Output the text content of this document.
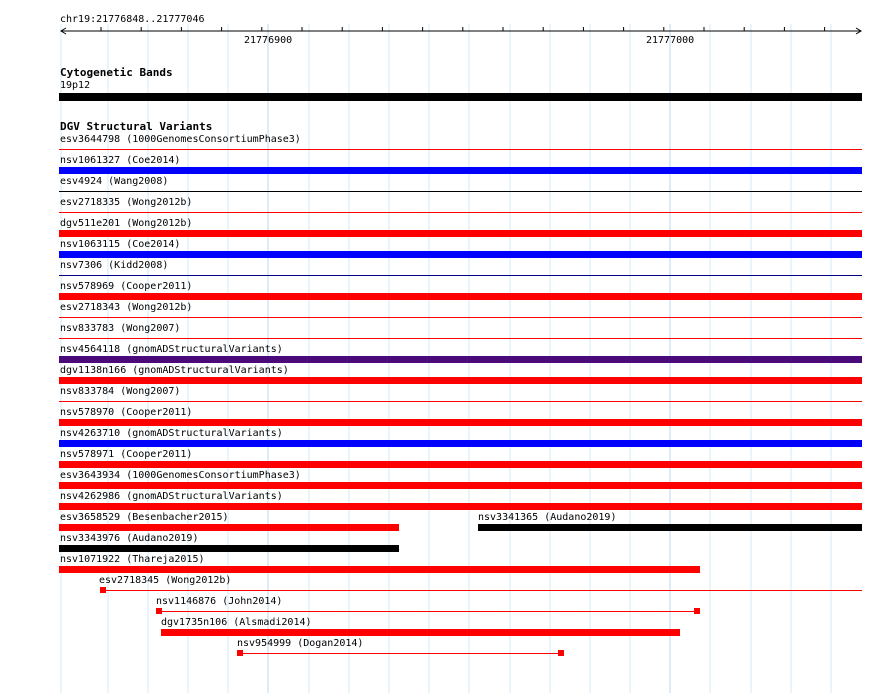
chr19:21776848..21777046
21776900	21777000
Cytogenetic Bands
19p12
DGV Structural Variants
esv3644798 (1000GenomesConsortiumPhase3)
nsv1061327 (Coe2014)
esv4924 (Wang2008)
esv2718335 (Wong2012b)
dgv511e201 (Wong2012b)
nsv1063115 (Coe2014)
nsv7306 (Kidd2008)
nsv578969 (Cooper2011)
esv2718343 (Wong2012b)
nsv833783 (Wong2007)
nsv4564118 (gnomADStructuralVariants)
dgv1138n166 (gnomADStructuralVariants)
nsv833784 (Wong2007)
nsv578970 (Cooper2011)
nsv4263710 (gnomADStructuralVariants)
nsv578971 (Cooper2011)
esv3643934 (1000GenomesConsortiumPhase3)
nsv4262986 (gnomADStructuralVariants)
esv3658529 (Besenbacher2015)	nsv3341365 (Audano2019)
nsv3343976 (Audano2019)
nsv1071922 (Thareja2015)
esv2718345 (Wong2012b)
nsv1146876 (John2014)
dgv1735n106 (Alsmadi2014)
nsv954999 (Dogan2014)
